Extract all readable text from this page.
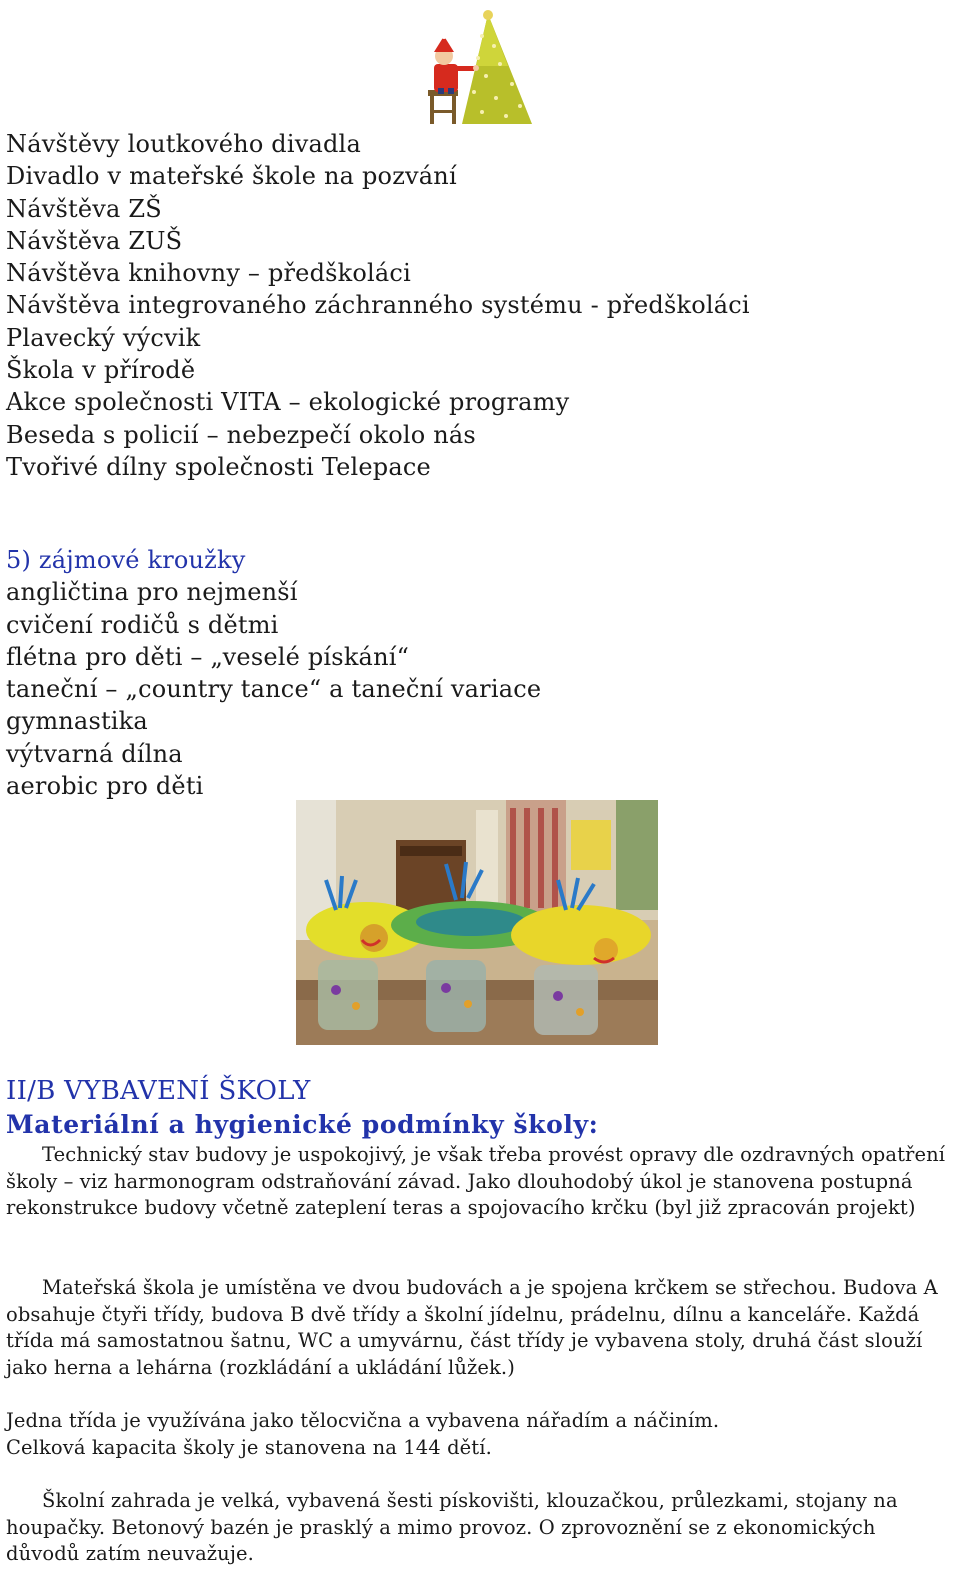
Návštěvy loutkového divadla
Divadlo v mateřské škole na pozvání
Návštěva ZŠ
Návštěva ZUŠ
Návštěva knihovny – předškoláci
Návštěva integrovaného záchranného systému - předškoláci
Plavecký výcvik
Škola v přírodě
Akce společnosti VITA – ekologické programy
Beseda s policií – nebezpečí okolo nás
Tvořivé dílny společnosti Telepace
5) zájmové kroužky
angličtina pro nejmenší
cvičení rodičů s dětmi
flétna pro děti – „veselé pískání“
taneční – „country tance“ a taneční variace
gymnastika
výtvarná dílna
aerobic pro děti
II/B VYBAVENÍ ŠKOLY
Materiální a hygienické podmínky školy:

Technický stav budovy je uspokojivý, je však třeba provést opravy dle ozdravných opatření školy – viz harmonogram odstraňování závad. Jako dlouhodobý úkol je stanovena postupná rekonstrukce budovy včetně zateplení teras a spojovacího krčku (byl již zpracován projekt)

Mateřská škola je umístěna ve dvou budovách a je spojena krčkem se střechou. Budova A obsahuje čtyři třídy, budova B dvě třídy a školní jídelnu, prádelnu, dílnu a kanceláře. Každá třída má samostatnou šatnu, WC a umyvárnu, část třídy je vybavena stoly, druhá část slouží jako herna a lehárna (rozkládání a ukládání lůžek.)

Jedna třída je využívána jako tělocvična a vybavena nářadím a náčiním.

Celková kapacita školy je stanovena na 144 dětí.

Školní zahrada je velká, vybavená šesti pískovišti, klouzačkou, průlezkami, stojany na houpačky. Betonový bazén je prasklý a mimo provoz. O zprovoznění se z ekonomických důvodů zatím neuvažuje.
